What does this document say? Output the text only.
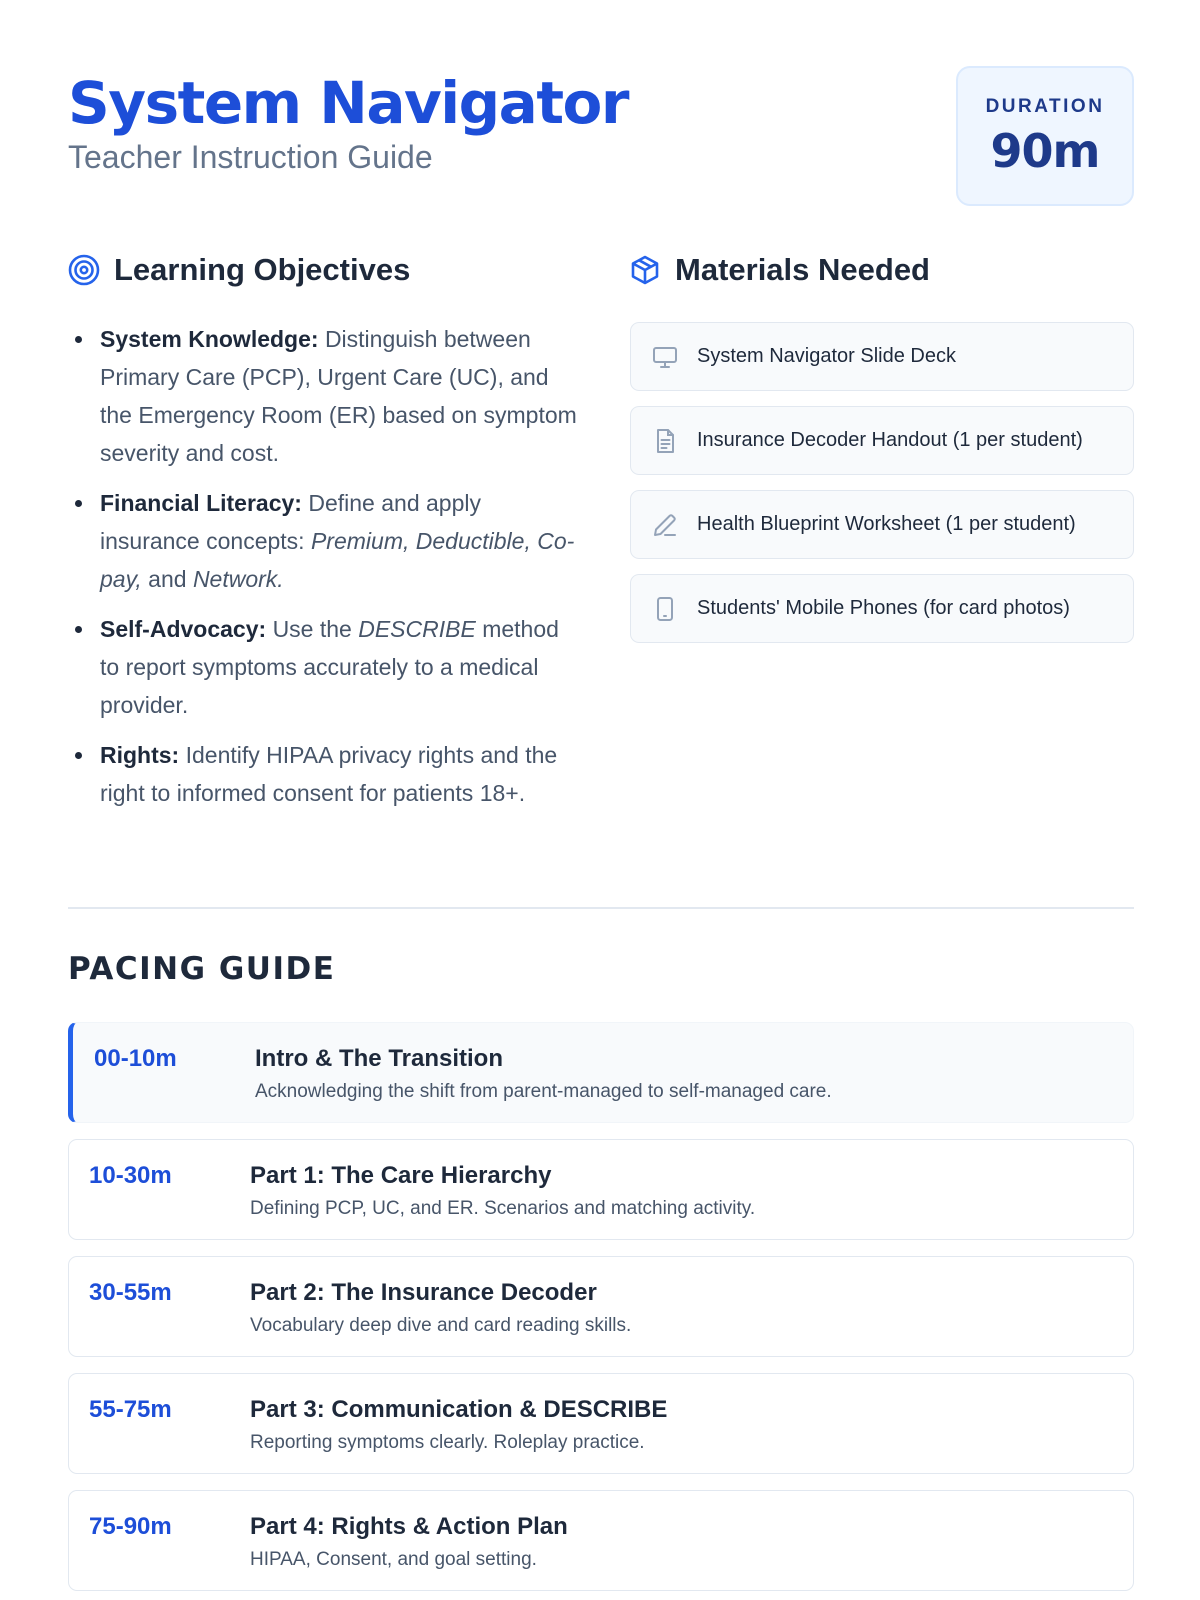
System Navigator
Teacher Instruction Guide
DURATION
90m
Learning Objectives	Materials Needed
System Knowledge: Distinguish between Primary Care (PCP), Urgent Care (UC), and the Emergency Room (ER) based on symptom severity and cost.
Financial Literacy: Define and apply insurance concepts: Premium, Deductible, Co-pay, and Network.
Self-Advocacy: Use the DESCRIBE method to report symptoms accurately to a medical provider.
Rights: Identify HIPAA privacy rights and the right to informed consent for patients 18+.
System Navigator Slide Deck
Insurance Decoder Handout (1 per student)
Health Blueprint Worksheet (1 per student)
Students' Mobile Phones (for card photos)
PACING GUIDE
00-10m	Intro & The Transition
Acknowledging the shift from parent-managed to self-managed care.
10-30m	Part 1: The Care Hierarchy
Defining PCP, UC, and ER. Scenarios and matching activity.
30-55m	Part 2: The Insurance Decoder
Vocabulary deep dive and card reading skills.
55-75m	Part 3: Communication & DESCRIBE
Reporting symptoms clearly. Roleplay practice.
75-90m	Part 4: Rights & Action Plan
HIPAA, Consent, and goal setting.
